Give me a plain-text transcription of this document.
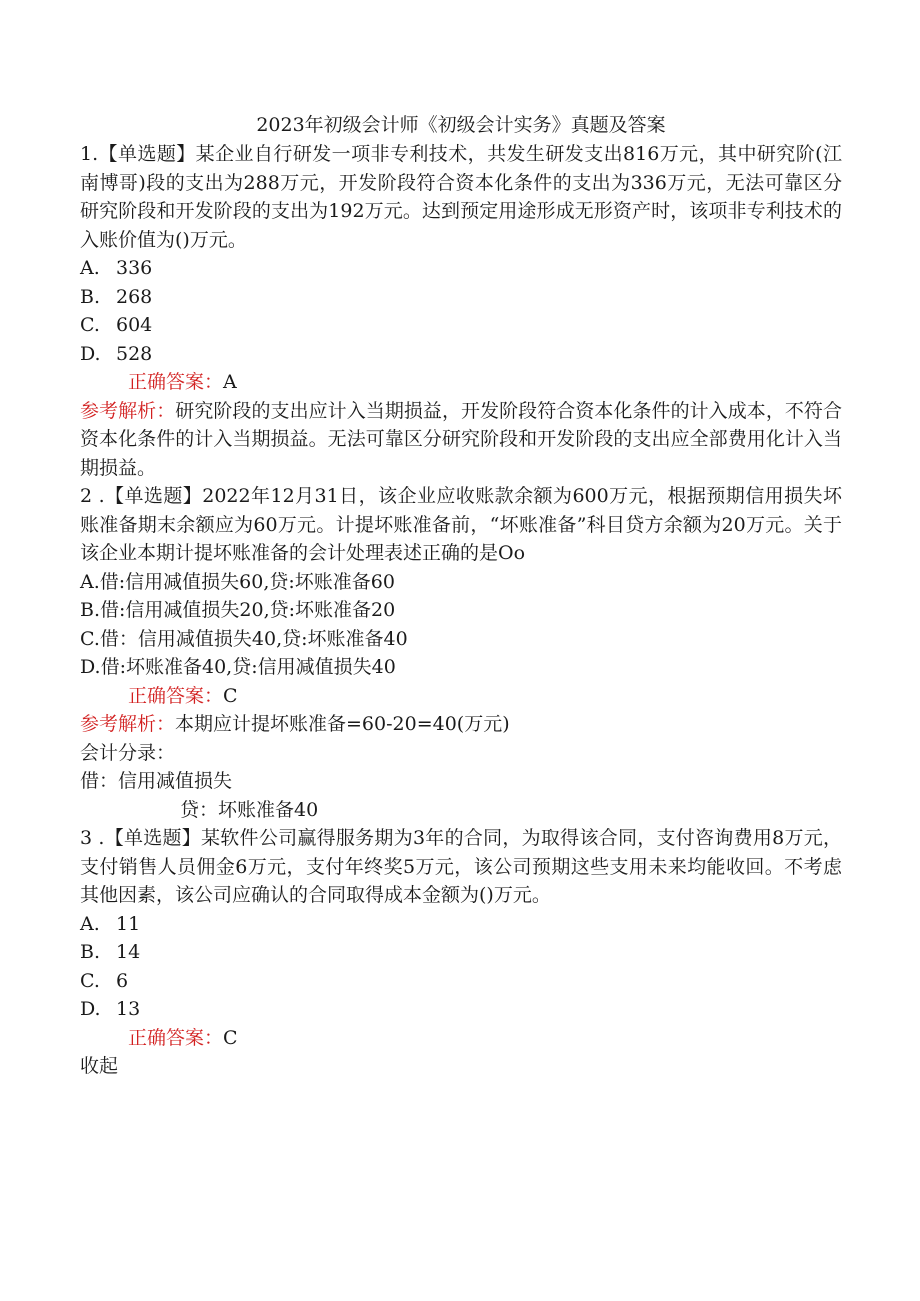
2023年初级会计师《初级会计实务》真题及答案

1.【单选题】某企业自行研发一项非专利技术，共发生研发支出816万元，其中研究阶(江南博哥)段的支出为288万元，开发阶段符合资本化条件的支出为336万元，无法可靠区分研究阶段和开发阶段的支出为192万元。达到预定用途形成无形资产时，该项非专利技术的入账价值为()万元。

A. 336

B. 268

C. 604

D. 528

正确答案：A

参考解析：研究阶段的支出应计入当期损益，开发阶段符合资本化条件的计入成本，不符合资本化条件的计入当期损益。无法可靠区分研究阶段和开发阶段的支出应全部费用化计入当期损益。

2 .【单选题】2022年12月31日，该企业应收账款余额为600万元，根据预期信用损失坏账准备期末余额应为60万元。计提坏账准备前，“坏账准备”科目贷方余额为20万元。关于该企业本期计提坏账准备的会计处理表述正确的是Oo

A.借:信用减值损失60,贷:坏账准备60

B.借:信用减值损失20,贷:坏账准备20

C.借：信用减值损失40,贷:坏账准备40

D.借:坏账准备40,贷:信用减值损失40

正确答案：C

参考解析：本期应计提坏账准备=60-20=40(万元)

会计分录：

借：信用减值损失

贷：坏账准备40

3 .【单选题】某软件公司赢得服务期为3年的合同，为取得该合同，支付咨询费用8万元，支付销售人员佣金6万元，支付年终奖5万元，该公司预期这些支用未来均能收回。不考虑其他因素，该公司应确认的合同取得成本金额为()万元。

A. 11

B. 14

C. 6

D. 13

正确答案：C

收起
